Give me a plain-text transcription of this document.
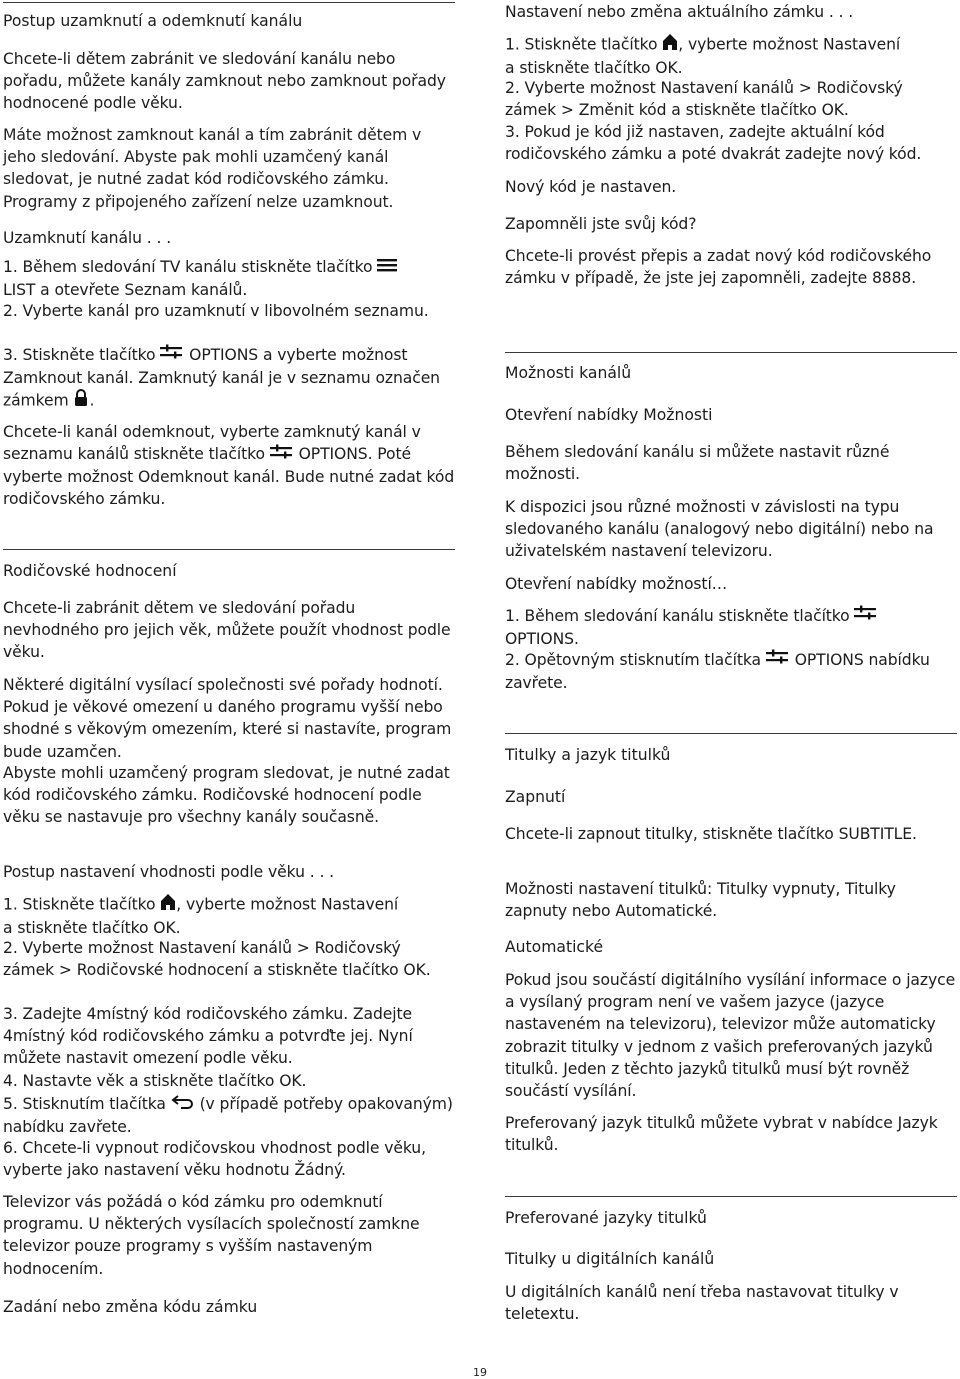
Postup uzamknutí a odemknutí kanálu

Chcete-li dětem zabránit ve sledování kanálu nebo pořadu, můžete kanály zamknout nebo zamknout pořady hodnocené podle věku.

Máte možnost zamknout kanál a tím zabránit dětem v jeho sledování. Abyste pak mohli uzamčený kanál sledovat, je nutné zadat kód rodičovského zámku. Programy z připojeného zařízení nelze uzamknout.

Uzamknutí kanálu . . .

1. Během sledování TV kanálu stiskněte tlačítko
LIST a otevřete Seznam kanálů.

2. Vyberte kanál pro uzamknutí v libovolném seznamu.

3. Stiskněte tlačítko OPTIONS a vyberte možnost Zamknout kanál. Zamknutý kanál je v seznamu označen zámkem .

Chcete-li kanál odemknout, vyberte zamknutý kanál v seznamu kanálů stiskněte tlačítko OPTIONS. Poté vyberte možnost Odemknout kanál. Bude nutné zadat kód rodičovského zámku.

Rodičovské hodnocení

Chcete-li zabránit dětem ve sledování pořadu nevhodného pro jejich věk, můžete použít vhodnost podle věku.

Některé digitální vysílací společnosti své pořady hodnotí. Pokud je věkové omezení u daného programu vyšší nebo shodné s věkovým omezením, které si nastavíte, program bude uzamčen.

Abyste mohli uzamčený program sledovat, je nutné zadat kód rodičovského zámku. Rodičovské hodnocení podle věku se nastavuje pro všechny kanály současně.

Postup nastavení vhodnosti podle věku . . .

1. Stiskněte tlačítko , vyberte možnost Nastavení
a stiskněte tlačítko OK.

2. Vyberte možnost Nastavení kanálů > Rodičovský zámek > Rodičovské hodnocení a stiskněte tlačítko OK.

3. Zadejte 4místný kód rodičovského zámku. Zadejte 4místný kód rodičovského zámku a potvrďte jej. Nyní můžete nastavit omezení podle věku.

4. Nastavte věk a stiskněte tlačítko OK.

5. Stisknutím tlačítka (v případě potřeby opakovaným) nabídku zavřete.

6. Chcete-li vypnout rodičovskou vhodnost podle věku, vyberte jako nastavení věku hodnotu Žádný.

Televizor vás požádá o kód zámku pro odemknutí programu. U některých vysílacích společností zamkne televizor pouze programy s vyšším nastaveným hodnocením.

Zadání nebo změna kódu zámku

Nastavení nebo změna aktuálního zámku . . .

1. Stiskněte tlačítko , vyberte možnost Nastavení
a stiskněte tlačítko OK.

2. Vyberte možnost Nastavení kanálů > Rodičovský zámek > Změnit kód a stiskněte tlačítko OK.

3. Pokud je kód již nastaven, zadejte aktuální kód rodičovského zámku a poté dvakrát zadejte nový kód.

Nový kód je nastaven.

Zapomněli jste svůj kód?

Chcete-li provést přepis a zadat nový kód rodičovského zámku v případě, že jste jej zapomněli, zadejte 8888.

Možnosti kanálů

Otevření nabídky Možnosti

Během sledování kanálu si můžete nastavit různé možnosti.

K dispozici jsou různé možnosti v závislosti na typu sledovaného kanálu (analogový nebo digitální) nebo na uživatelském nastavení televizoru.

Otevření nabídky možností…

1. Během sledování kanálu stiskněte tlačítko  OPTIONS.

2. Opětovným stisknutím tlačítka OPTIONS nabídku zavřete.

Titulky a jazyk titulků

Zapnutí

Chcete-li zapnout titulky, stiskněte tlačítko SUBTITLE.

Možnosti nastavení titulků: Titulky vypnuty, Titulky zapnuty nebo Automatické.

Automatické

Pokud jsou součástí digitálního vysílání informace o jazyce a vysílaný program není ve vašem jazyce (jazyce nastaveném na televizoru), televizor může automaticky zobrazit titulky v jednom z vašich preferovaných jazyků titulků. Jeden z těchto jazyků titulků musí být rovněž součástí vysílání.

Preferovaný jazyk titulků můžete vybrat v nabídce Jazyk titulků.

Preferované jazyky titulků

Titulky u digitálních kanálů

U digitálních kanálů není třeba nastavovat titulky v teletextu.

19
